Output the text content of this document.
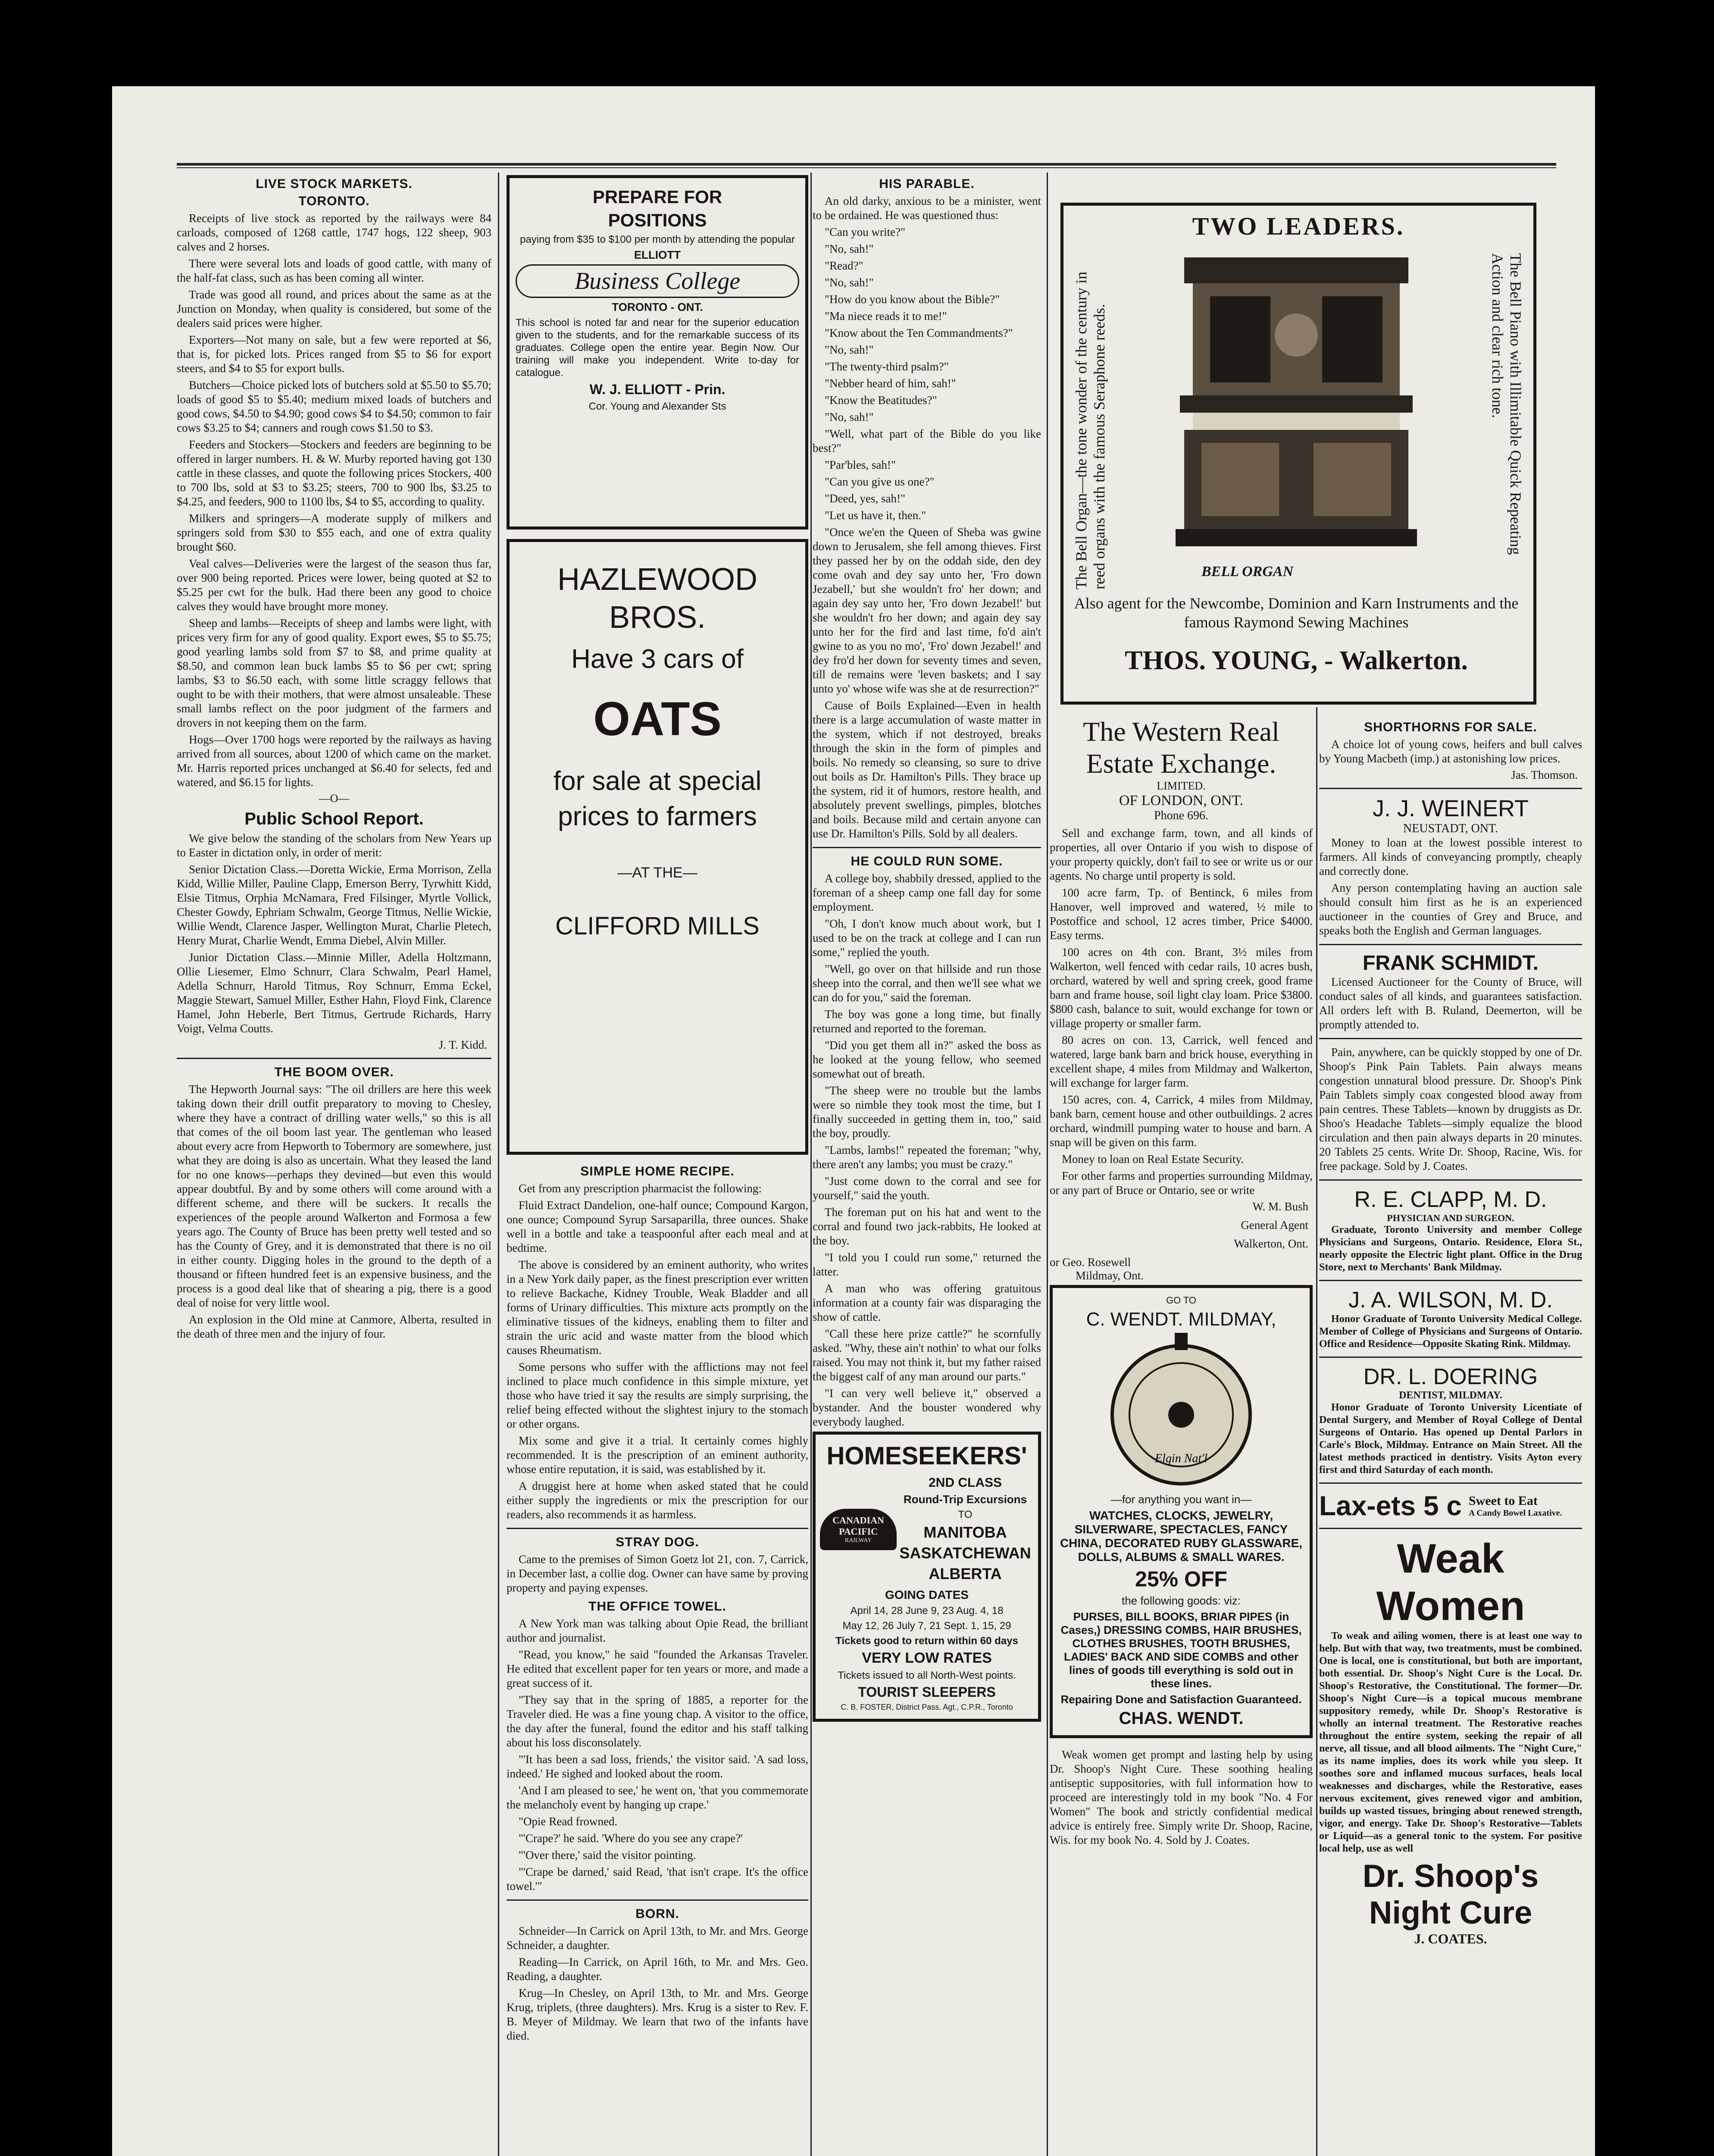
LIVE STOCK MARKETS.
TORONTO.

Receipts of live stock as reported by the railways were 84 carloads, composed of 1268 cattle, 1747 hogs, 122 sheep, 903 calves and 2 horses.

There were several lots and loads of good cattle, with many of the half-fat class, such as has been coming all winter.

Trade was good all round, and prices about the same as at the Junction on Monday, when quality is considered, but some of the dealers said prices were higher.

Exporters—Not many on sale, but a few were reported at $6, that is, for picked lots. Prices ranged from $5 to $6 for export steers, and $4 to $5 for export bulls.

Butchers—Choice picked lots of butchers sold at $5.50 to $5.70; loads of good $5 to $5.40; medium mixed loads of butchers and good cows, $4.50 to $4.90; good cows $4 to $4.50; common to fair cows $3.25 to $4; canners and rough cows $1.50 to $3.

Feeders and Stockers—Stockers and feeders are beginning to be offered in larger numbers. H. & W. Murby reported having got 130 cattle in these classes, and quote the following prices Stockers, 400 to 700 lbs, sold at $3 to $3.25; steers, 700 to 900 lbs, $3.25 to $4.25, and feeders, 900 to 1100 lbs, $4 to $5, according to quality.

Milkers and springers—A moderate supply of milkers and springers sold from $30 to $55 each, and one of extra quality brought $60.

Veal calves—Deliveries were the largest of the season thus far, over 900 being reported. Prices were lower, being quoted at $2 to $5.25 per cwt for the bulk. Had there been any good to choice calves they would have brought more money.

Sheep and lambs—Receipts of sheep and lambs were light, with prices very firm for any of good quality. Export ewes, $5 to $5.75; good yearling lambs sold from $7 to $8, and prime quality at $8.50, and common lean buck lambs $5 to $6 per cwt; spring lambs, $3 to $6.50 each, with some little scraggy fellows that ought to be with their mothers, that were almost unsaleable. These small lambs reflect on the poor judgment of the farmers and drovers in not keeping them on the farm.

Hogs—Over 1700 hogs were reported by the railways as having arrived from all sources, about 1200 of which came on the market. Mr. Harris reported prices unchanged at $6.40 for selects, fed and watered, and $6.15 for lights.

—O—
Public School Report.

We give below the standing of the scholars from New Years up to Easter in dictation only, in order of merit:

Senior Dictation Class.—Doretta Wickie, Erma Morrison, Zella Kidd, Willie Miller, Pauline Clapp, Emerson Berry, Tyrwhitt Kidd, Elsie Titmus, Orphia McNamara, Fred Filsinger, Myrtle Vollick, Chester Gowdy, Ephriam Schwalm, George Titmus, Nellie Wickie, Willie Wendt, Clarence Jasper, Wellington Murat, Charlie Pletech, Henry Murat, Charlie Wendt, Emma Diebel, Alvin Miller.

Junior Dictation Class.—Minnie Miller, Adella Holtzmann, Ollie Liesemer, Elmo Schnurr, Clara Schwalm, Pearl Hamel, Adella Schnurr, Harold Titmus, Roy Schnurr, Emma Eckel, Maggie Stewart, Samuel Miller, Esther Hahn, Floyd Fink, Clarence Hamel, John Heberle, Bert Titmus, Gertrude Richards, Harry Voigt, Velma Coutts.

J. T. Kidd.
THE BOOM OVER.

The Hepworth Journal says: "The oil drillers are here this week taking down their drill outfit preparatory to moving to Chesley, where they have a contract of drilling water wells," so this is all that comes of the oil boom last year. The gentleman who leased about every acre from Hepworth to Tobermory are somewhere, just what they are doing is also as uncertain. What they leased the land for no one knows—perhaps they devined—but even this would appear doubtful. By and by some others will come around with a different scheme, and there will be suckers. It recalls the experiences of the people around Walkerton and Formosa a few years ago. The County of Bruce has been pretty well tested and so has the County of Grey, and it is demonstrated that there is no oil in either county. Digging holes in the ground to the depth of a thousand or fifteen hundred feet is an expensive business, and the process is a good deal like that of shearing a pig, there is a good deal of noise for very little wool.

An explosion in the Old mine at Canmore, Alberta, resulted in the death of three men and the injury of four.

PREPARE FOR
POSITIONS
paying from $35 to $100 per month by attending the popular
ELLIOTT
Business College
TORONTO - ONT.
This school is noted far and near for the superior education given to the students, and for the remarkable success of its graduates. College open the entire year. Begin Now. Our training will make you independent. Write to-day for catalogue.
W. J. ELLIOTT - Prin.
Cor. Young and Alexander Sts
HAZLEWOOD
BROS.
Have 3 cars of
OATS
for sale at special prices to farmers
—AT THE—
CLIFFORD MILLS
SIMPLE HOME RECIPE.

Get from any prescription pharmacist the following:

Fluid Extract Dandelion, one-half ounce; Compound Kargon, one ounce; Compound Syrup Sarsaparilla, three ounces. Shake well in a bottle and take a teaspoonful after each meal and at bedtime.

The above is considered by an eminent authority, who writes in a New York daily paper, as the finest prescription ever written to relieve Backache, Kidney Trouble, Weak Bladder and all forms of Urinary difficulties. This mixture acts promptly on the eliminative tissues of the kidneys, enabling them to filter and strain the uric acid and waste matter from the blood which causes Rheumatism.

Some persons who suffer with the afflictions may not feel inclined to place much confidence in this simple mixture, yet those who have tried it say the results are simply surprising, the relief being effected without the slightest injury to the stomach or other organs.

Mix some and give it a trial. It certainly comes highly recommended. It is the prescription of an eminent authority, whose entire reputation, it is said, was established by it.

A druggist here at home when asked stated that he could either supply the ingredients or mix the prescription for our readers, also recommends it as harmless.

STRAY DOG.

Came to the premises of Simon Goetz lot 21, con. 7, Carrick, in December last, a collie dog. Owner can have same by proving property and paying expenses.

THE OFFICE TOWEL.

A New York man was talking about Opie Read, the brilliant author and journalist.

"Read, you know," he said "founded the Arkansas Traveler. He edited that excellent paper for ten years or more, and made a great success of it.

"They say that in the spring of 1885, a reporter for the Traveler died. He was a fine young chap. A visitor to the office, the day after the funeral, found the editor and his staff talking about his loss disconsolately.

"'It has been a sad loss, friends,' the visitor said. 'A sad loss, indeed.' He sighed and looked about the room.

'And I am pleased to see,' he went on, 'that you commemorate the melancholy event by hanging up crape.'

"Opie Read frowned.

"'Crape?' he said. 'Where do you see any crape?'

"'Over there,' said the visitor pointing.

"'Crape be darned,' said Read, 'that isn't crape. It's the office towel.'"

BORN.

Schneider—In Carrick on April 13th, to Mr. and Mrs. George Schneider, a daughter.

Reading—In Carrick, on April 16th, to Mr. and Mrs. Geo. Reading, a daughter.

Krug—In Chesley, on April 13th, to Mr. and Mrs. George Krug, triplets, (three daughters). Mrs. Krug is a sister to Rev. F. B. Meyer of Mildmay. We learn that two of the infants have died.

HIS PARABLE.

An old darky, anxious to be a minister, went to be ordained. He was questioned thus:

"Can you write?"

"No, sah!"

"Read?"

"No, sah!"

"How do you know about the Bible?"

"Ma niece reads it to me!"

"Know about the Ten Commandments?"

"No, sah!"

"The twenty-third psalm?"

"Nebber heard of him, sah!"

"Know the Beatitudes?"

"No, sah!"

"Well, what part of the Bible do you like best?"

"Par'bles, sah!"

"Can you give us one?"

"Deed, yes, sah!"

"Let us have it, then."

"Once we'en the Queen of Sheba was gwine down to Jerusalem, she fell among thieves. First they passed her by on the oddah side, den dey come ovah and dey say unto her, 'Fro down Jezabell,' but she wouldn't fro' her down; and again dey say unto her, 'Fro down Jezabel!' but she wouldn't fro her down; and again dey say unto her for the fird and last time, fo'd ain't gwine to as you no mo', 'Fro' down Jezabel!' and dey fro'd her down for seventy times and seven, till de remains were 'leven baskets; and I say unto yo' whose wife was she at de resurrection?"

Cause of Boils Explained—Even in health there is a large accumulation of waste matter in the system, which if not destroyed, breaks through the skin in the form of pimples and boils. No remedy so cleansing, so sure to drive out boils as Dr. Hamilton's Pills. They brace up the system, rid it of humors, restore health, and absolutely prevent swellings, pimples, blotches and boils. Because mild and certain anyone can use Dr. Hamilton's Pills. Sold by all dealers.

HE COULD RUN SOME.

A college boy, shabbily dressed, applied to the foreman of a sheep camp one fall day for some employment.

"Oh, I don't know much about work, but I used to be on the track at college and I can run some," replied the youth.

"Well, go over on that hillside and run those sheep into the corral, and then we'll see what we can do for you," said the foreman.

The boy was gone a long time, but finally returned and reported to the foreman.

"Did you get them all in?" asked the boss as he looked at the young fellow, who seemed somewhat out of breath.

"The sheep were no trouble but the lambs were so nimble they took most the time, but I finally succeeded in getting them in, too," said the boy, proudly.

"Lambs, lambs!" repeated the foreman; "why, there aren't any lambs; you must be crazy."

"Just come down to the corral and see for yourself," said the youth.

The foreman put on his hat and went to the corral and found two jack-rabbits, He looked at the boy.

"I told you I could run some," returned the latter.

A man who was offering gratuitous information at a county fair was disparaging the show of cattle.

"Call these here prize cattle?" he scornfully asked. "Why, these ain't nothin' to what our folks raised. You may not think it, but my father raised the biggest calf of any man around our parts."

"I can very well believe it," observed a bystander. And the bouster wondered why everybody laughed.

HOMESEEKERS'
CANADIAN
PACIFIC
RAILWAY
2ND CLASS
Round-Trip Excursions
TO
MANITOBA
SASKATCHEWAN
ALBERTA
GOING DATES
April 14, 28 June 9, 23 Aug. 4, 18
May 12, 26 July 7, 21 Sept. 1, 15, 29
Tickets good to return within 60 days
VERY LOW RATES
Tickets issued to all North-West points.
TOURIST SLEEPERS
C. B. FOSTER, District Pass. Agt., C.P.R., Toronto
TWO LEADERS.
The Bell Organ—the tone wonder of the century in reed organs with the famous Seraphone reeds.	The Bell Piano with Illimitable Quick Repeating Action and clear rich tone.
BELL ORGAN
Also agent for the Newcombe, Dominion and Karn Instruments and the famous Raymond Sewing Machines
THOS. YOUNG, - Walkerton.
The Western Real Estate Exchange.
LIMITED.
OF LONDON, ONT.
Phone 696.

Sell and exchange farm, town, and all kinds of properties, all over Ontario if you wish to dispose of your property quickly, don't fail to see or write us or our agents. No charge until property is sold.

100 acre farm, Tp. of Bentinck, 6 miles from Hanover, well improved and watered, ½ mile to Postoffice and school, 12 acres timber, Price $4000. Easy terms.

100 acres on 4th con. Brant, 3½ miles from Walkerton, well fenced with cedar rails, 10 acres bush, orchard, watered by well and spring creek, good frame barn and frame house, soil light clay loam. Price $3800. $800 cash, balance to suit, would exchange for town or village property or smaller farm.

80 acres on con. 13, Carrick, well fenced and watered, large bank barn and brick house, everything in excellent shape, 4 miles from Mildmay and Walkerton, will exchange for larger farm.

150 acres, con. 4, Carrick, 4 miles from Mildmay, bank barn, cement house and other outbuildings. 2 acres orchard, windmill pumping water to house and barn. A snap will be given on this farm.

Money to loan on Real Estate Security.

For other farms and properties surrounding Mildmay, or any part of Bruce or Ontario, see or write

W. M. Bush
General Agent
Walkerton, Ont.
or Geo. Rosewell
Mildmay, Ont.
GO TO
C. WENDT. MILDMAY,
Elgin Nat'l
—for anything you want in—
WATCHES, CLOCKS, JEWELRY, SILVERWARE, SPECTACLES, FANCY CHINA, DECORATED RUBY GLASSWARE, DOLLS, ALBUMS & SMALL WARES.
25% OFF
the following goods: viz:
PURSES, BILL BOOKS, BRIAR PIPES (in Cases,) DRESSING COMBS, HAIR BRUSHES, CLOTHES BRUSHES, TOOTH BRUSHES, LADIES' BACK AND SIDE COMBS and other lines of goods till everything is sold out in these lines.
Repairing Done and Satisfaction Guaranteed.
CHAS. WENDT.

Weak women get prompt and lasting help by using Dr. Shoop's Night Cure. These soothing healing antiseptic suppositories, with full information how to proceed are interestingly told in my book "No. 4 For Women" The book and strictly confidential medical advice is entirely free. Simply write Dr. Shoop, Racine, Wis. for my book No. 4. Sold by J. Coates.

SHORTHORNS FOR SALE.

A choice lot of young cows, heifers and bull calves by Young Macbeth (imp.) at astonishing low prices.

Jas. Thomson.
J. J. WEINERT
NEUSTADT, ONT.

Money to loan at the lowest possible interest to farmers. All kinds of conveyancing promptly, cheaply and correctly done.

Any person contemplating having an auction sale should consult him first as he is an experienced auctioneer in the counties of Grey and Bruce, and speaks both the English and German languages.

FRANK SCHMIDT.

Licensed Auctioneer for the County of Bruce, will conduct sales of all kinds, and guarantees satisfaction. All orders left with B. Ruland, Deemerton, will be promptly attended to.

Pain, anywhere, can be quickly stopped by one of Dr. Shoop's Pink Pain Tablets. Pain always means congestion unnatural blood pressure. Dr. Shoop's Pink Pain Tablets simply coax congested blood away from pain centres. These Tablets—known by druggists as Dr. Shoo's Headache Tablets—simply equalize the blood circulation and then pain always departs in 20 minutes. 20 Tablets 25 cents. Write Dr. Shoop, Racine, Wis. for free package. Sold by J. Coates.

R. E. CLAPP, M. D.
PHYSICIAN AND SURGEON.

Graduate, Toronto University and member College Physicians and Surgeons, Ontario. Residence, Elora St., nearly opposite the Electric light plant. Office in the Drug Store, next to Merchants' Bank Mildmay.

J. A. WILSON, M. D.

Honor Graduate of Toronto University Medical College. Member of College of Physicians and Surgeons of Ontario. Office and Residence—Opposite Skating Rink. Mildmay.

DR. L. DOERING
DENTIST, MILDMAY.

Honor Graduate of Toronto University Licentiate of Dental Surgery, and Member of Royal College of Dental Surgeons of Ontario. Has opened up Dental Parlors in Carle's Block, Mildmay. Entrance on Main Street. All the latest methods practiced in dentistry. Visits Ayton every first and third Saturday of each month.

Lax-ets 5 c Sweet to Eat
A Candy Bowel Laxative.
Weak Women

To weak and ailing women, there is at least one way to help. But with that way, two treatments, must be combined. One is local, one is constitutional, but both are important, both essential. Dr. Shoop's Night Cure is the Local. Dr. Shoop's Restorative, the Constitutional. The former—Dr. Shoop's Night Cure—is a topical mucous membrane suppository remedy, while Dr. Shoop's Restorative is wholly an internal treatment. The Restorative reaches throughout the entire system, seeking the repair of all nerve, all tissue, and all blood ailments. The "Night Cure," as its name implies, does its work while you sleep. It soothes sore and inflamed mucous surfaces, heals local weaknesses and discharges, while the Restorative, eases nervous excitement, gives renewed vigor and ambition, builds up wasted tissues, bringing about renewed strength, vigor, and energy. Take Dr. Shoop's Restorative—Tablets or Liquid—as a general tonic to the system. For positive local help, use as well

Dr. Shoop's
Night Cure
J. COATES.
